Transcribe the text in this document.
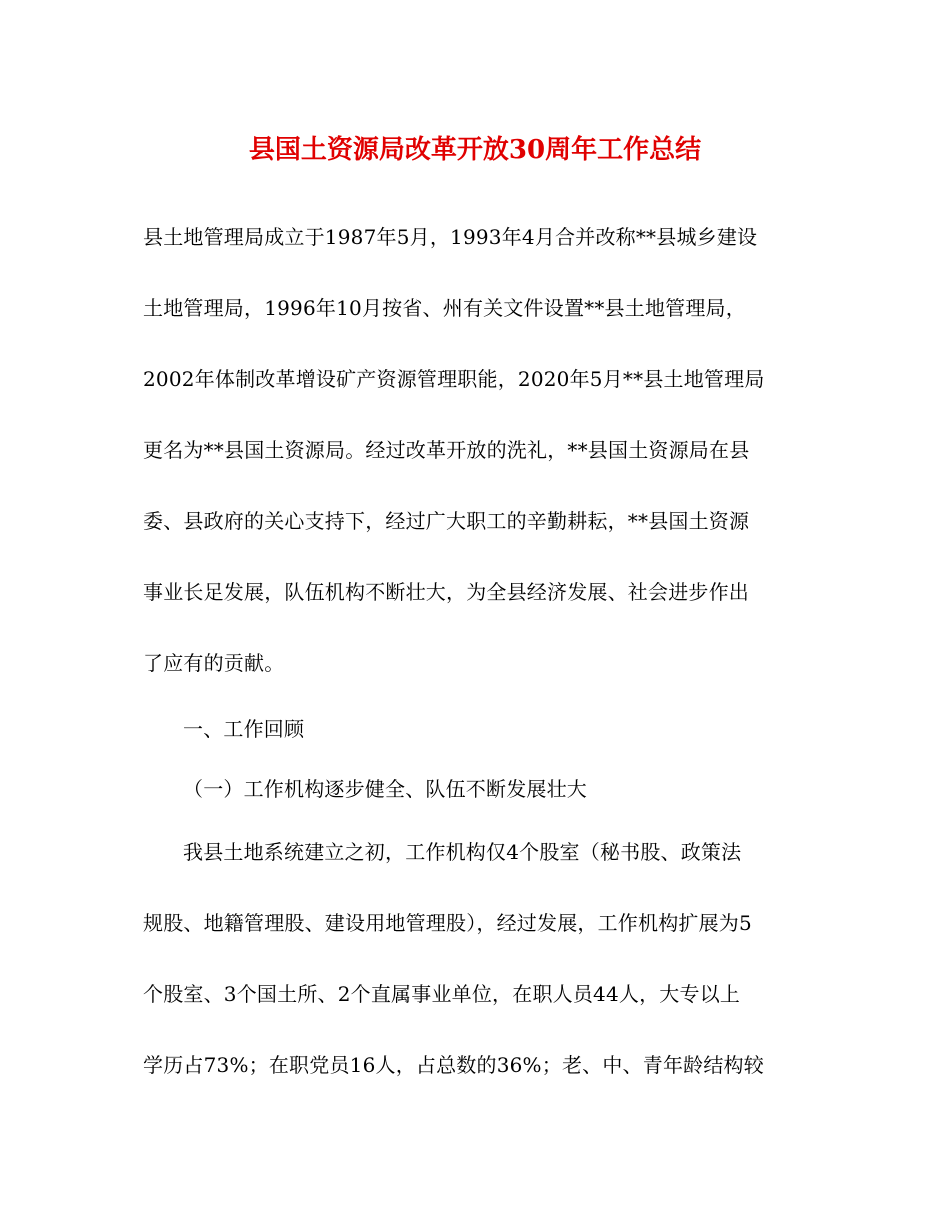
县国土资源局改革开放30周年工作总结
县土地管理局成立于1987年5月，1993年4月合并改称**县城乡建设
土地管理局，1996年10月按省、州有关文件设置**县土地管理局，
2002年体制改革增设矿产资源管理职能，2020年5月**县土地管理局
更名为**县国土资源局。经过改革开放的洗礼，**县国土资源局在县
委、县政府的关心支持下，经过广大职工的辛勤耕耘，**县国土资源
事业长足发展，队伍机构不断壮大，为全县经济发展、社会进步作出
了应有的贡献。
一、工作回顾
（一）工作机构逐步健全、队伍不断发展壮大
我县土地系统建立之初，工作机构仅4个股室（秘书股、政策法
规股、地籍管理股、建设用地管理股），经过发展，工作机构扩展为5
个股室、3个国土所、2个直属事业单位，在职人员44人，大专以上
学历占73%；在职党员16人，占总数的36%；老、中、青年龄结构较
